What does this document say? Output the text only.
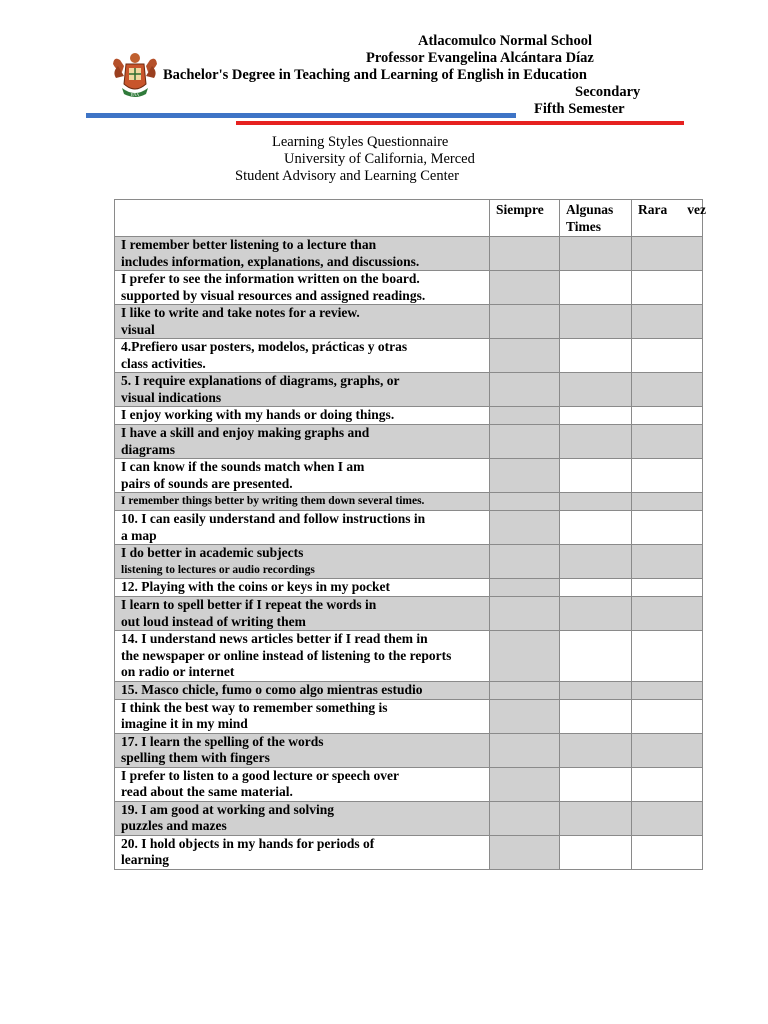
ENA
Atlacomulco Normal School
Professor Evangelina Alcántara Díaz
Bachelor's Degree in Teaching and Learning of English in Education
Secondary
Fifth Semester
Learning Styles Questionnaire
University of California, Merced
Student Advisory and Learning Center
	Siempre	Algunas
Times	Rara vez

I remember better listening to a lecture than
includes information, explanations, and discussions.			

I prefer to see the information written on the board.
supported by visual resources and assigned readings.			

I like to write and take notes for a review.
visual			

4.Prefiero usar posters, modelos, prácticas y otras
class activities.			

5. I require explanations of diagrams, graphs, or
visual indications			

I enjoy working with my hands or doing things.			

I have a skill and enjoy making graphs and
diagrams			

I can know if the sounds match when I am
pairs of sounds are presented.			

I remember things better by writing them down several times.			

10. I can easily understand and follow instructions in
a map			

I do better in academic subjects
listening to lectures or audio recordings			

12. Playing with the coins or keys in my pocket			

I learn to spell better if I repeat the words in
out loud instead of writing them			

14. I understand news articles better if I read them in
the newspaper or online instead of listening to the reports
on radio or internet			

15. Masco chicle, fumo o como algo mientras estudio			

I think the best way to remember something is
imagine it in my mind			

17. I learn the spelling of the words
spelling them with fingers			

I prefer to listen to a good lecture or speech over
read about the same material.			

19. I am good at working and solving
puzzles and mazes			

20. I hold objects in my hands for periods of
learning			
